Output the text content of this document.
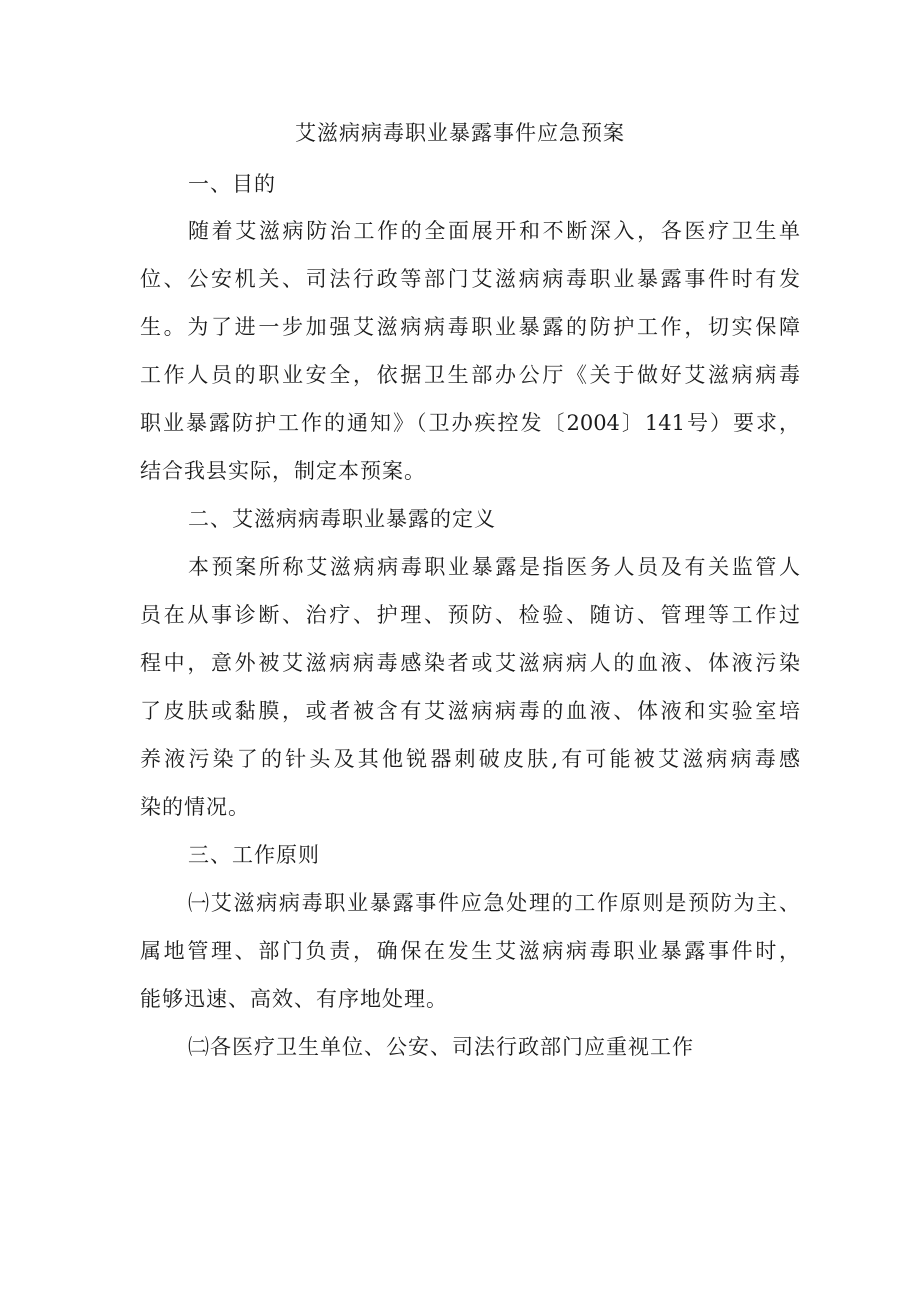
艾滋病病毒职业暴露事件应急预案
一、目的
随着艾滋病防治工作的全面展开和不断深入，各医疗卫生单
位、公安机关、司法行政等部门艾滋病病毒职业暴露事件时有发
生。为了进一步加强艾滋病病毒职业暴露的防护工作，切实保障
工作人员的职业安全，依据卫生部办公厅《关于做好艾滋病病毒
职业暴露防护工作的通知》（卫办疾控发〔2004〕141号）要求，
结合我县实际，制定本预案。
二、艾滋病病毒职业暴露的定义
本预案所称艾滋病病毒职业暴露是指医务人员及有关监管人
员在从事诊断、治疗、护理、预防、检验、随访、管理等工作过
程中，意外被艾滋病病毒感染者或艾滋病病人的血液、体液污染
了皮肤或黏膜，或者被含有艾滋病病毒的血液、体液和实验室培
养液污染了的针头及其他锐器刺破皮肤,有可能被艾滋病病毒感
染的情况。
三、工作原则
㈠艾滋病病毒职业暴露事件应急处理的工作原则是预防为主、
属地管理、部门负责，确保在发生艾滋病病毒职业暴露事件时，
能够迅速、高效、有序地处理。
㈡各医疗卫生单位、公安、司法行政部门应重视工作
